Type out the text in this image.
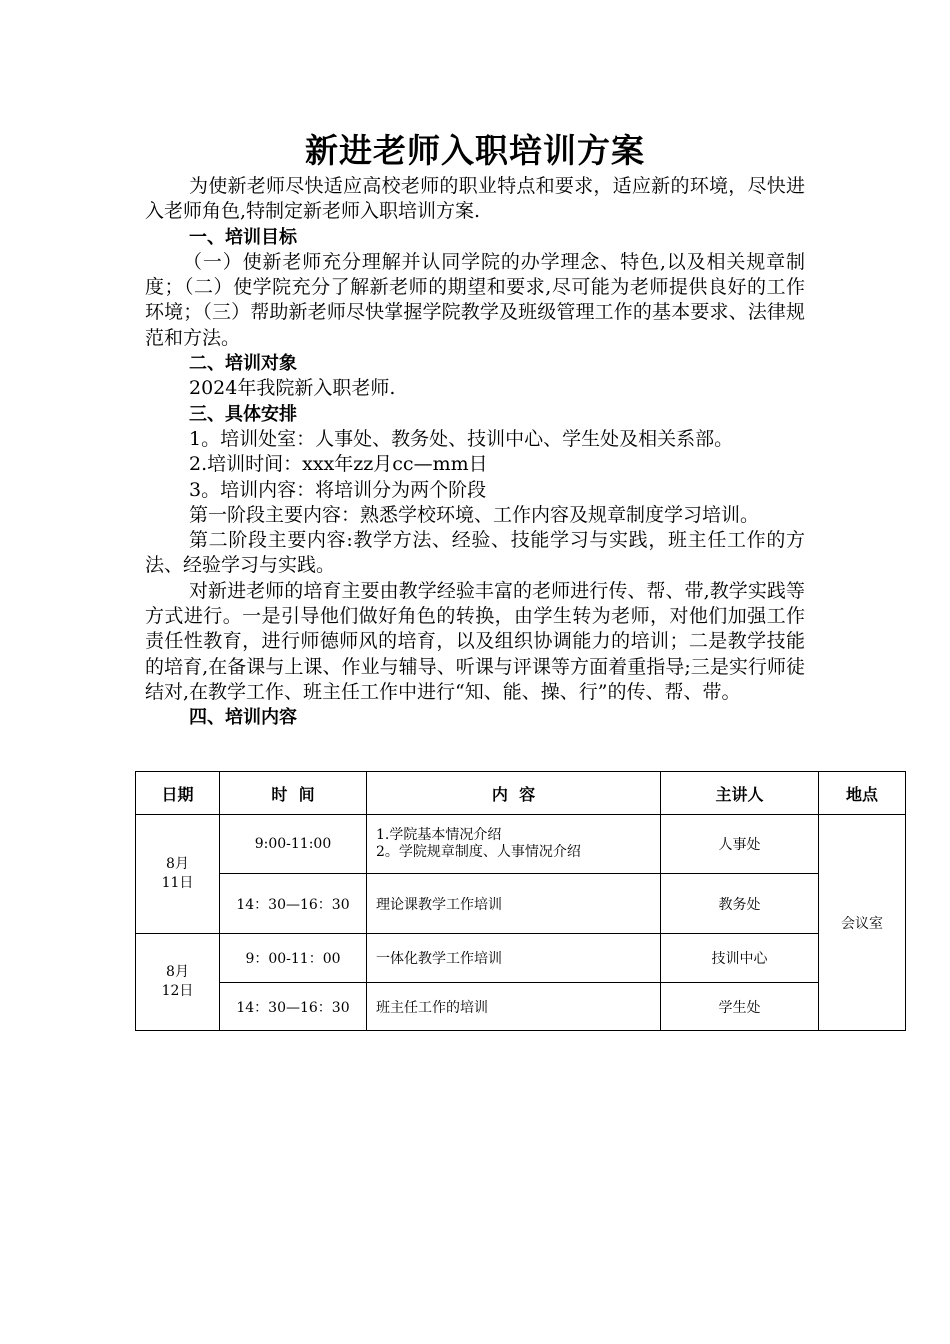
新进老师入职培训方案

为使新老师尽快适应高校老师的职业特点和要求，适应新的环境，尽快进入老师角色,特制定新老师入职培训方案.

一、培训目标

（一）使新老师充分理解并认同学院的办学理念、特色,以及相关规章制度；（二）使学院充分了解新老师的期望和要求,尽可能为老师提供良好的工作环境；（三）帮助新老师尽快掌握学院教学及班级管理工作的基本要求、法律规范和方法。

二、培训对象

2024年我院新入职老师.

三、具体安排

1。培训处室：人事处、教务处、技训中心、学生处及相关系部。

2.培训时间：xxx年zz月cc—mm日

3。培训内容：将培训分为两个阶段

第一阶段主要内容：熟悉学校环境、工作内容及规章制度学习培训。

第二阶段主要内容:教学方法、经验、技能学习与实践，班主任工作的方法、经验学习与实践。

对新进老师的培育主要由教学经验丰富的老师进行传、帮、带,教学实践等方式进行。一是引导他们做好角色的转换，由学生转为老师，对他们加强工作责任性教育，进行师德师风的培育，以及组织协调能力的培训；二是教学技能的培育,在备课与上课、作业与辅导、听课与评课等方面着重指导;三是实行师徒结对,在教学工作、班主任工作中进行“知、能、操、行”的传、帮、带。

四、培训内容

日期	时  间	内  容	主讲人	地点

8月
11日	9:00-11:00	1.学院基本情况介绍
2。学院规章制度、人事情况介绍	人事处	会议室
	14：30—16：30	理论课教学工作培训	教务处	

8月
12日	9：00-11：00	一体化教学工作培训	技训中心	
	14：30—16：30	班主任工作的培训	学生处	
